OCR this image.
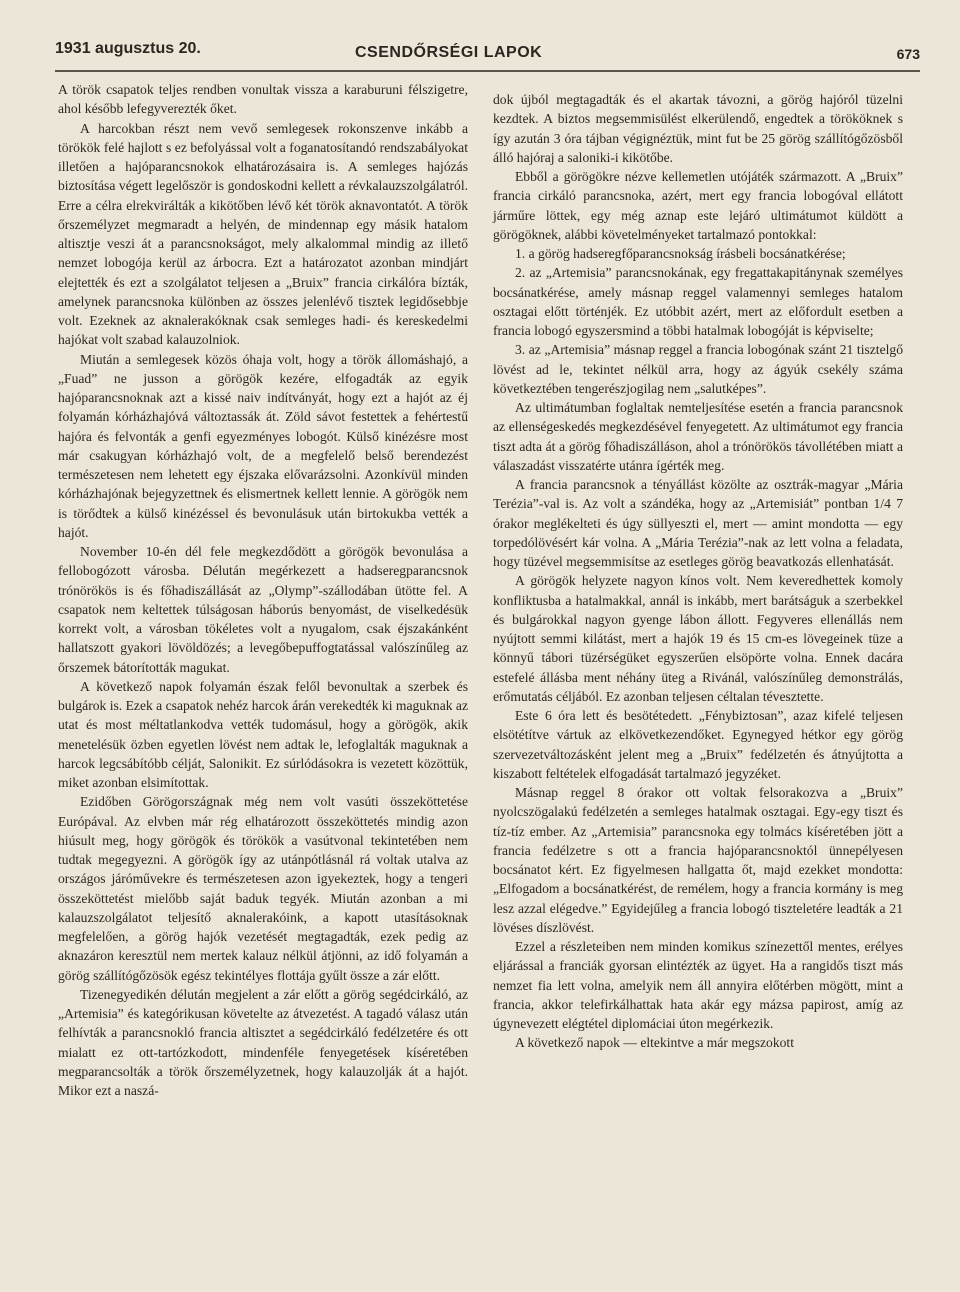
1931 augusztus 20.	CSENDŐRSÉGI LAPOK	673

A török csapatok teljes rendben vonultak vissza a karaburuni félszigetre, ahol később lefegyverezték őket.

A harcokban részt nem vevő semlegesek rokonszenve inkább a törökök felé hajlott s ez befolyással volt a foganatosítandó rendszabályokat illetően a hajóparancsnokok elhatározásaira is. A semleges hajózás biztosítása végett legelőször is gondoskodni kellett a révkalauzszolgálatról. Erre a célra elrekvirálták a kikötőben lévő két török aknavontatót. A török őrszemélyzet megmaradt a helyén, de mindennap egy másik hatalom altisztje veszi át a parancsnokságot, mely alkalommal mindig az illető nemzet lobogója kerül az árbocra. Ezt a határozatot azonban mindjárt elejtették és ezt a szolgálatot teljesen a „Bruix” francia cirkálóra bízták, amelynek parancsnoka különben az összes jelenlévő tisztek legidősebbje volt. Ezeknek az aknalerakóknak csak semleges hadi- és kereskedelmi hajókat volt szabad kalauzolniok.

Miután a semlegesek közös óhaja volt, hogy a török állomáshajó, a „Fuad” ne jusson a görögök kezére, elfogadták az egyik hajóparancsnoknak azt a kissé naiv indítványát, hogy ezt a hajót az éj folyamán kórházhajóvá változtassák át. Zöld sávot festettek a fehértestű hajóra és felvonták a genfi egyezményes lobogót. Külső kinézésre most már csakugyan kórházhajó volt, de a megfelelő belső berendezést természetesen nem lehetett egy éjszaka elővarázsolni. Azonkívül minden kórházhajónak bejegyzettnek és elismertnek kellett lennie. A görögök nem is törődtek a külső kinézéssel és bevonulásuk után birtokukba vették a hajót.

November 10-én dél fele megkezdődött a görögök bevonulása a fellobogózott városba. Délután megérkezett a hadseregparancsnok trónörökös is és főhadiszállását az „Olymp”-szállodában ütötte fel. A csapatok nem keltettek túlságosan háborús benyomást, de viselkedésük korrekt volt, a városban tökéletes volt a nyugalom, csak éjszakánként hallatszott gyakori lövöldözés; a levegőbepuffogtatással valószínűleg az őrszemek bátorították magukat.

A következő napok folyamán észak felől bevonultak a szerbek és bulgárok is. Ezek a csapatok nehéz harcok árán verekedték ki maguknak az utat és most méltatlankodva vették tudomásul, hogy a görögök, akik menetelésük özben egyetlen lövést nem adtak le, lefoglalták maguknak a harcok legcsábítóbb célját, Salonikit. Ez súrlódásokra is vezetett közöttük, miket azonban elsimítottak.

Ezidőben Görögországnak még nem volt vasúti összeköttetése Európával. Az elvben már rég elhatározott összeköttetés mindig azon hiúsult meg, hogy görögök és törökök a vasútvonal tekintetében nem tudtak megegyezni. A görögök így az utánpótlásnál rá voltak utalva az országos járóművekre és természetesen azon igyekeztek, hogy a tengeri összeköttetést mielőbb saját baduk tegyék. Miután azonban a mi kalauzszolgálatot teljesítő aknalerakóink, a kapott utasításoknak megfelelően, a görög hajók vezetését megtagadták, ezek pedig az aknazáron keresztül nem mertek kalauz nélkül átjönni, az idő folyamán a görög szállítógőzösök egész tekintélyes flottája gyűlt össze a zár előtt.

Tizenegyedikén délután megjelent a zár előtt a görög segédcirkáló, az „Artemisia” és kategórikusan követelte az átvezetést. A tagadó válasz után felhívták a parancsnokló francia altisztet a segédcirkáló fedélzetére és ott mialatt ez ott-tartózkodott, mindenféle fenyegetések kíséretében megparancsolták a török őrszemélyzetnek, hogy kalauzolják át a hajót. Mikor ezt a naszá-

dok újból megtagadták és el akartak távozni, a görög hajóról tüzelni kezdtek. A biztos megsemmisülést elkerülendő, engedtek a törököknek s így azután 3 óra tájban végignéztük, mint fut be 25 görög szállítógőzösből álló hajóraj a saloniki-i kikötőbe.

Ebből a görögökre nézve kellemetlen utójáték származott. A „Bruix” francia cirkáló parancsnoka, azért, mert egy francia lobogóval ellátott járműre löttek, egy még aznap este lejáró ultimátumot küldött a görögöknek, alábbi követelményeket tartalmazó pontokkal:

1. a görög hadseregfőparancsnokság írásbeli bocsánatkérése;

2. az „Artemisia” parancsnokának, egy fregattakapitánynak személyes bocsánatkérése, amely másnap reggel valamennyi semleges hatalom osztagai előtt történjék. Ez utóbbit azért, mert az előfordult esetben a francia lobogó egyszersmind a többi hatalmak lobogóját is képviselte;

3. az „Artemisia” másnap reggel a francia lobogónak szánt 21 tisztelgő lövést ad le, tekintet nélkül arra, hogy az ágyúk csekély száma következtében tengerészjogilag nem „salutképes”.

Az ultimátumban foglaltak nemteljesítése esetén a francia parancsnok az ellenségeskedés megkezdésével fenyegetett. Az ultimátumot egy francia tiszt adta át a görög főhadiszálláson, ahol a trónörökös távollétében miatt a válaszadást visszatérte utánra ígérték meg.

A francia parancsnok a tényállást közölte az osztrák-magyar „Mária Terézia”-val is. Az volt a szándéka, hogy az „Artemisiát” pontban 1/4 7 órakor meglékelteti és úgy süllyeszti el, mert — amint mondotta — egy torpedólövésért kár volna. A „Mária Terézia”-nak az lett volna a feladata, hogy tüzével megsemmisítse az esetleges görög beavatkozás ellenhatását.

A görögök helyzete nagyon kínos volt. Nem keveredhettek komoly konfliktusba a hatalmakkal, annál is inkább, mert barátságuk a szerbekkel és bulgárokkal nagyon gyenge lábon állott. Fegyveres ellenállás nem nyújtott semmi kilátást, mert a hajók 19 és 15 cm-es lövegeinek tüze a könnyű tábori tüzérségüket egyszerűen elsöpörte volna. Ennek dacára estefelé állásba ment néhány üteg a Rivánál, valószínűleg demonstrálás, erőmutatás céljából. Ez azonban teljesen céltalan tévesztette.

Este 6 óra lett és besötétedett. „Fénybiztosan”, azaz kifelé teljesen elsötétítve vártuk az elkövetkezendőket. Egynegyed hétkor egy görög szervezetváltozásként jelent meg a „Bruix” fedélzetén és átnyújtotta a kiszabott feltételek elfogadását tartalmazó jegyzéket.

Másnap reggel 8 órakor ott voltak felsorakozva a „Bruix” nyolcszögalakú fedélzetén a semleges hatalmak osztagai. Egy-egy tiszt és tíz-tíz ember. Az „Artemisia” parancsnoka egy tolmács kíséretében jött a francia fedélzetre s ott a francia hajóparancsnoktól ünnepélyesen bocsánatot kért. Ez figyelmesen hallgatta őt, majd ezekket mondotta: „Elfogadom a bocsánatkérést, de remélem, hogy a francia kormány is meg lesz azzal elégedve.” Egyidejűleg a francia lobogó tiszteletére leadták a 21 lövéses díszlövést.

Ezzel a részleteiben nem minden komikus színezettől mentes, erélyes eljárással a franciák gyorsan elintézték az ügyet. Ha a rangidős tiszt más nemzet fia lett volna, amelyik nem áll annyira előtérben mögött, mint a francia, akkor telefirkálhattak hata akár egy mázsa papirost, amíg az úgynevezett elégtétel diplomáciai úton megérkezik.

A következő napok — eltekintve a már megszokott
